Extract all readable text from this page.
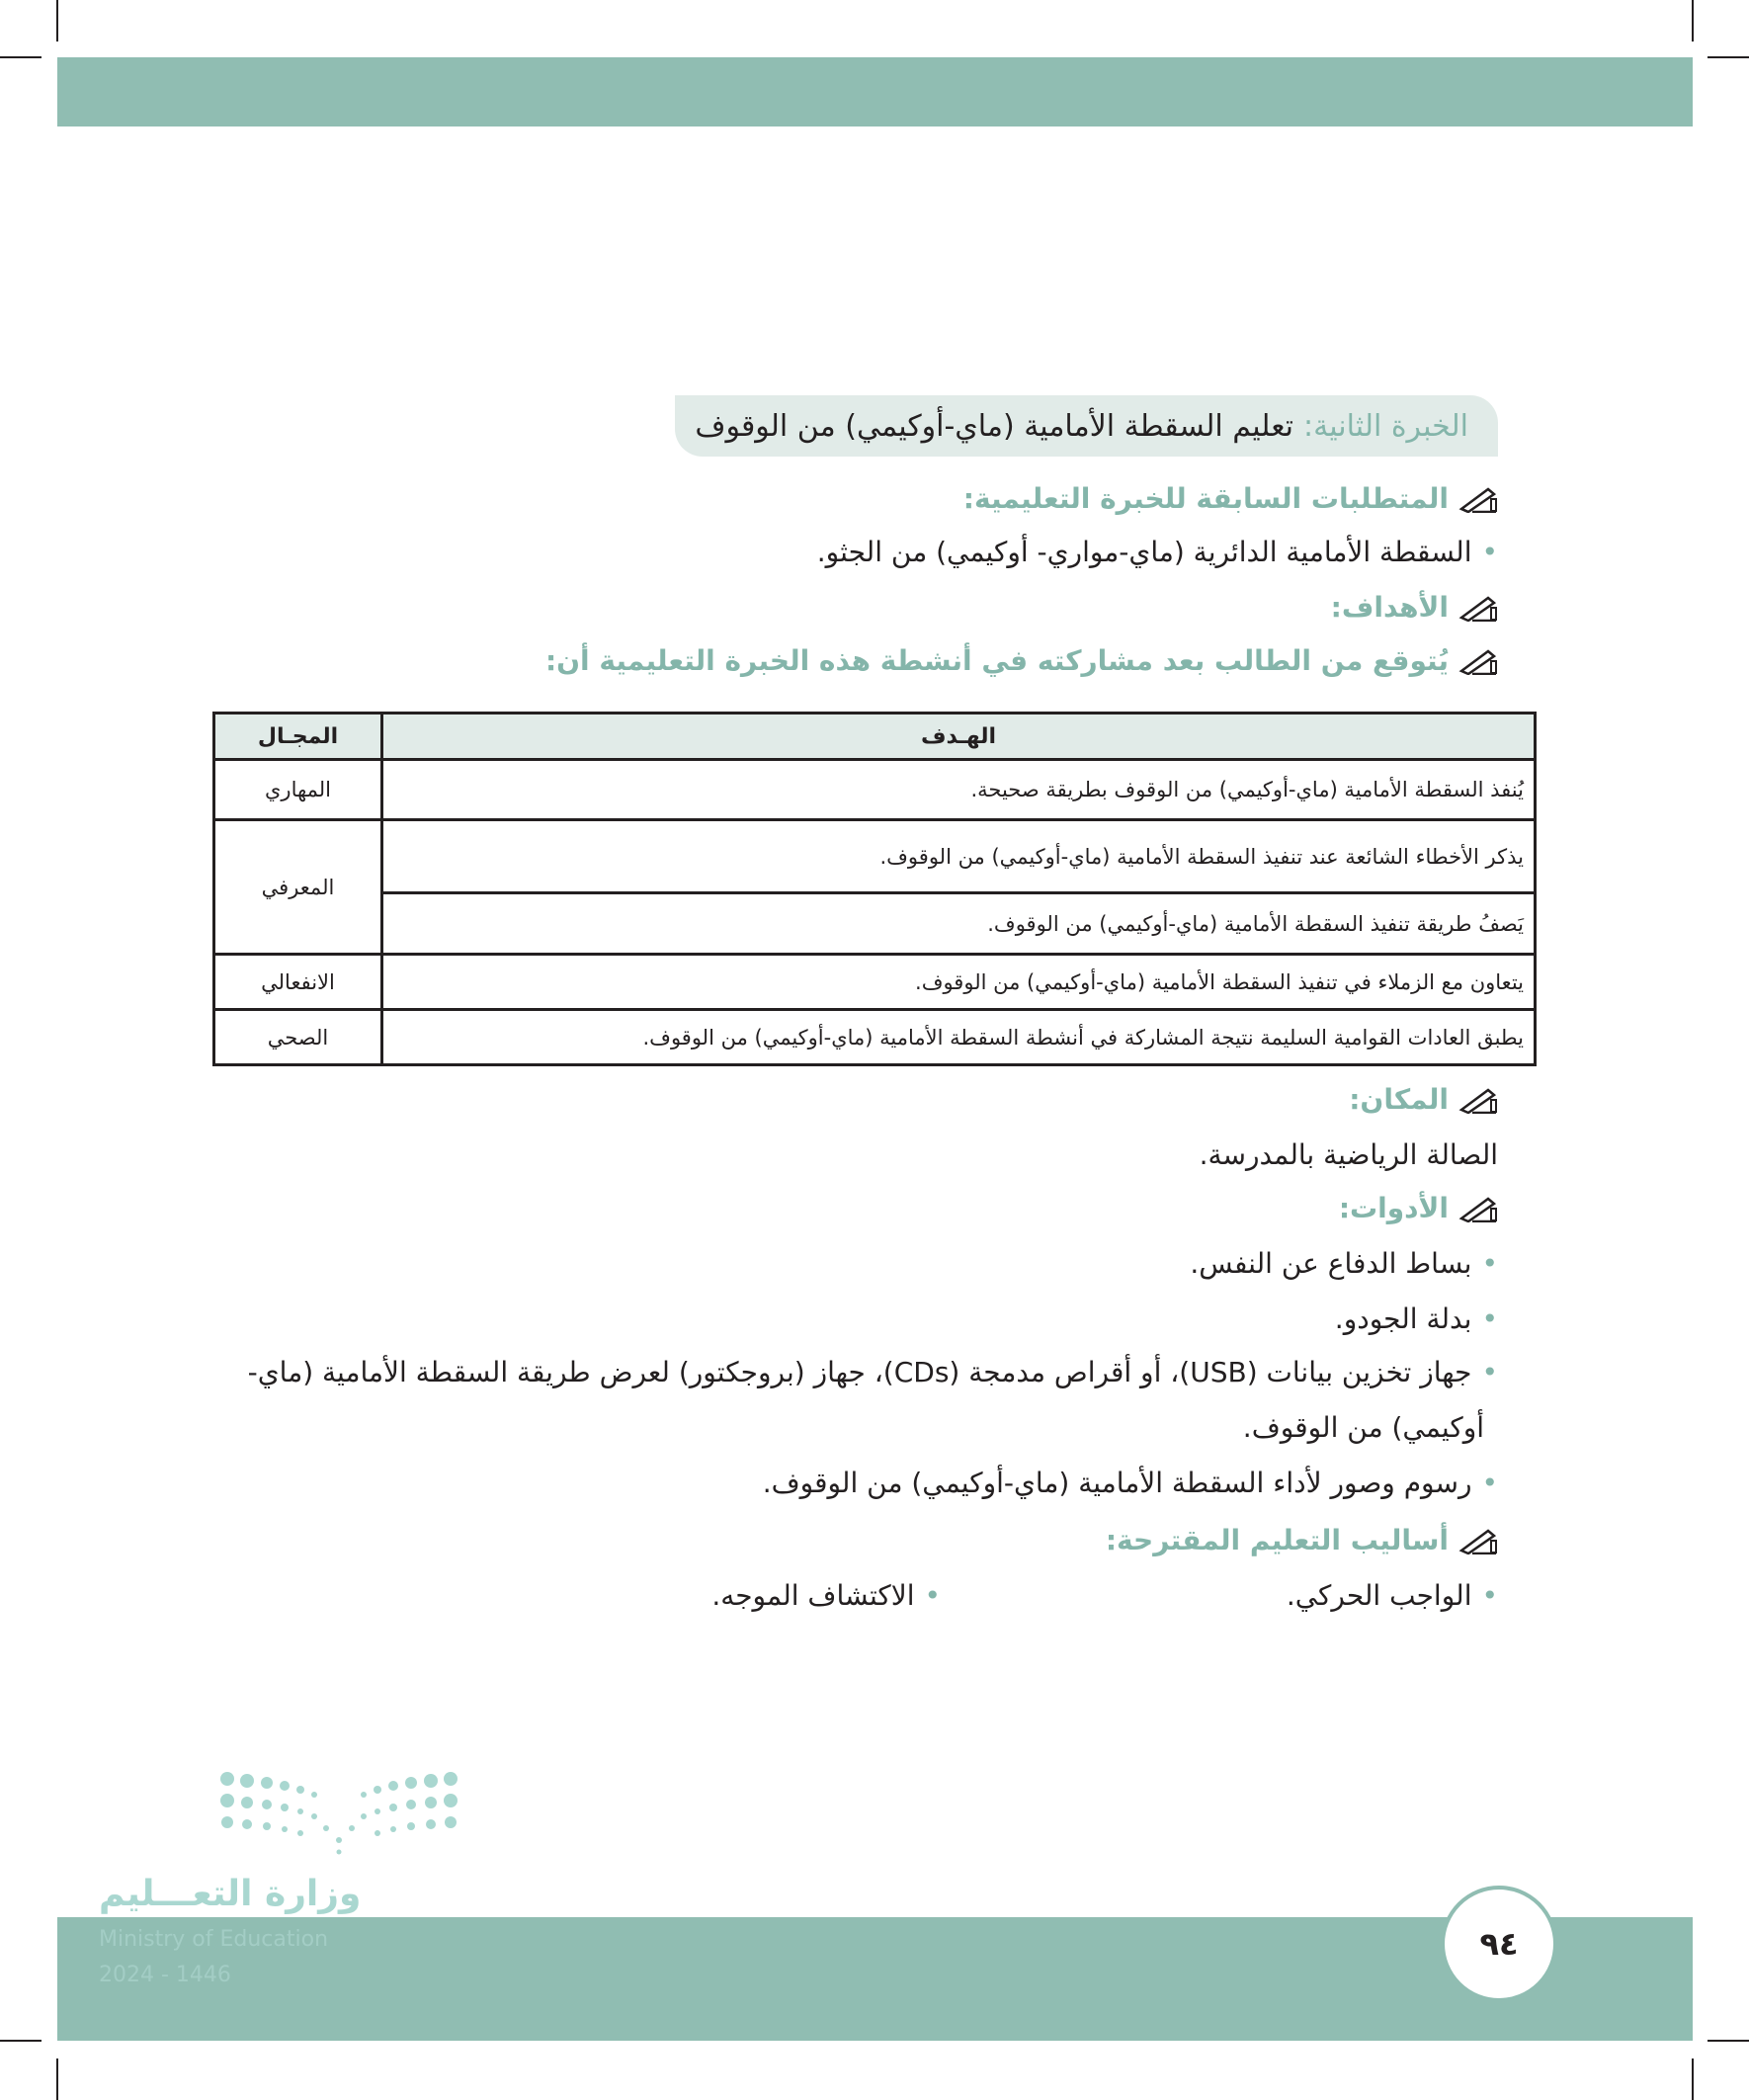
الخبرة الثانية:
تعليم السقطة الأمامية (ماي-أوكيمي) من الوقوف
المتطلبات السابقة للخبرة التعليمية:
• السقطة الأمامية الدائرية (ماي-مواري- أوكيمي) من الجثو.
الأهداف:
يُتوقع من الطالب بعد مشاركته في أنشطة هذه الخبرة التعليمية أن:
الهـدف	المجـال
يُنفذ السقطة الأمامية (ماي-أوكيمي) من الوقوف بطريقة صحيحة.	المهاري
يذكر الأخطاء الشائعة عند تنفيذ السقطة الأمامية (ماي-أوكيمي) من الوقوف.	المعرفي
يَصفُ طريقة تنفيذ السقطة الأمامية (ماي-أوكيمي) من الوقوف.	
يتعاون مع الزملاء في تنفيذ السقطة الأمامية (ماي-أوكيمي) من الوقوف.	الانفعالي
يطبق العادات القوامية السليمة نتيجة المشاركة في أنشطة السقطة الأمامية (ماي-أوكيمي) من الوقوف.	الصحي
المكان:
الصالة الرياضية بالمدرسة.
الأدوات:
• بساط الدفاع عن النفس.
• بدلة الجودو.
• جهاز تخزين بيانات (USB)، أو أقراص مدمجة (CDs)، جهاز (بروجكتور) لعرض طريقة السقطة الأمامية (ماي-
أوكيمي) من الوقوف.
• رسوم وصور لأداء السقطة الأمامية (ماي-أوكيمي) من الوقوف.
أساليب التعليم المقترحة:
• الواجب الحركي.
• الاكتشاف الموجه.
وزارة التعـــليم
Ministry of Education
2024 - 1446
٩٤
